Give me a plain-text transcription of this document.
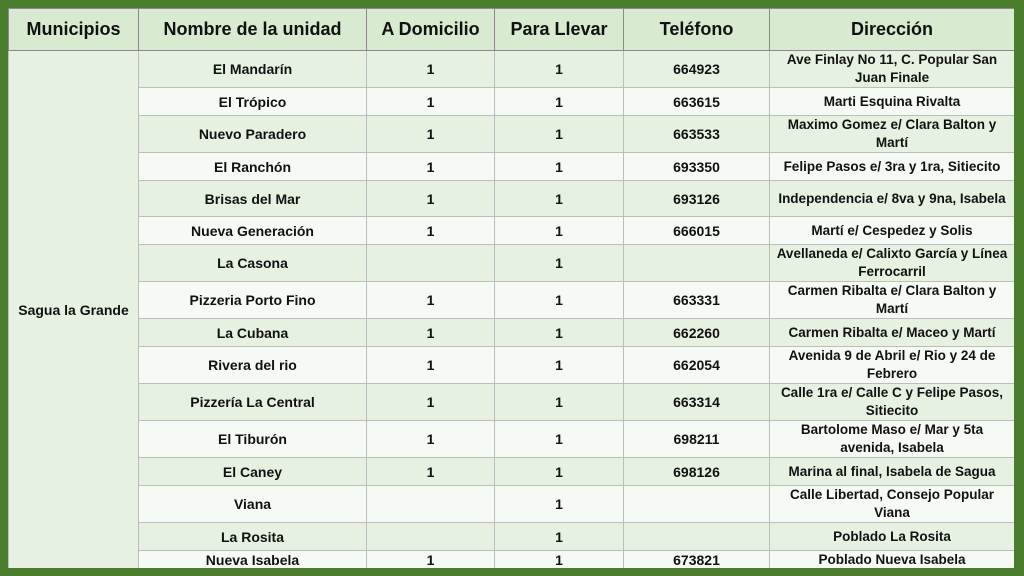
Municipios	Nombre de la unidad	A Domicilio	Para Llevar	Teléfono	Dirección
Sagua la Grande	El Mandarín	1	1	664923	Ave Finlay No 11, C. Popular San Juan Finale
	El Trópico	1	1	663615	Marti Esquina Rivalta
	Nuevo Paradero	1	1	663533	Maximo Gomez e/ Clara Balton y Martí
	El Ranchón	1	1	693350	Felipe Pasos e/ 3ra y 1ra, Sitiecito
	Brisas del Mar	1	1	693126	Independencia e/ 8va y 9na, Isabela
	Nueva Generación	1	1	666015	Martí e/ Cespedez y Solis
	La Casona		1		Avellaneda e/ Calixto García y Línea Ferrocarril
	Pizzeria Porto Fino	1	1	663331	Carmen Ribalta e/ Clara Balton y Martí
	La Cubana	1	1	662260	Carmen Ribalta e/ Maceo y Martí
	Rivera del rio	1	1	662054	Avenida 9 de Abril e/ Rio y 24 de Febrero
	Pizzería La Central	1	1	663314	Calle 1ra e/ Calle C y Felipe Pasos, Sitiecito
	El Tiburón	1	1	698211	Bartolome Maso e/ Mar y 5ta avenida, Isabela
	El Caney	1	1	698126	Marina al final, Isabela de Sagua
	Viana		1		Calle Libertad, Consejo Popular Viana
	La Rosita		1		Poblado La Rosita
	Nueva Isabela	1	1	673821	Poblado Nueva Isabela
